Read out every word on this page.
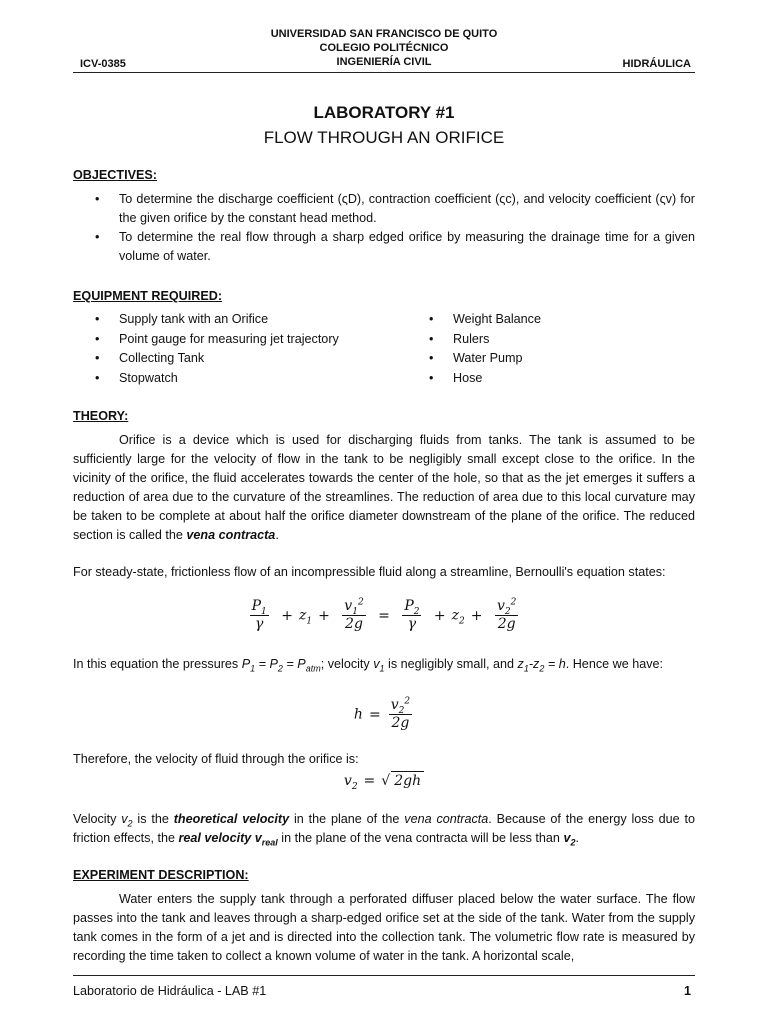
UNIVERSIDAD SAN FRANCISCO DE QUITO
COLEGIO POLITÉCNICO
ICV-0385	INGENIERÍA CIVIL	HIDRÁULICA
LABORATORY #1
FLOW THROUGH AN ORIFICE
OBJECTIVES:
• To determine the discharge coefficient (ςD), contraction coefficient (ςc), and velocity coefficient (ςv) for the given orifice by the constant head method.
• To determine the real flow through a sharp edged orifice by measuring the drainage time for a given volume of water.
EQUIPMENT REQUIRED:
• Supply tank with an Orifice
• Point gauge for measuring jet trajectory
• Collecting Tank
• Stopwatch
• Weight Balance
• Rulers
• Water Pump
• Hose
THEORY:
Orifice is a device which is used for discharging fluids from tanks. The tank is assumed to be sufficiently large for the velocity of flow in the tank to be negligibly small except close to the orifice. In the vicinity of the orifice, the fluid accelerates towards the center of the hole, so that as the jet emerges it suffers a reduction of area due to the curvature of the streamlines. The reduction of area due to this local curvature may be taken to be complete at about half the orifice diameter downstream of the plane of the orifice. The reduced section is called the vena contracta.
For steady-state, frictionless flow of an incompressible fluid along a streamline, Bernoulli's equation states:
$\frac{P_1}{\gamma} + z_1 + \frac{v_1^2}{2g} = \frac{P_2}{\gamma} + z_2 + \frac{v_2^2}{2g}$
In this equation the pressures $P_1 = P_2 = P_{atm}$; velocity $v_1$ is negligibly small, and $z_1-z_2 = h$. Hence we have:
$h = \frac{v_2^2}{2g}$
Therefore, the velocity of fluid through the orifice is:
$v_2$ = √ 2gh
Velocity $v_2$ is the theoretical velocity in the plane of the vena contracta. Because of the energy loss due to friction effects, the real velocity $v_{real}$ in the plane of the vena contracta will be less than $v_2$.
EXPERIMENT DESCRIPTION:
Water enters the supply tank through a perforated diffuser placed below the water surface. The flow passes into the tank and leaves through a sharp-edged orifice set at the side of the tank. Water from the supply tank comes in the form of a jet and is directed into the collection tank. The volumetric flow rate is measured by recording the time taken to collect a known volume of water in the tank. A horizontal scale,
Laboratorio de Hidráulica - LAB #1	1
